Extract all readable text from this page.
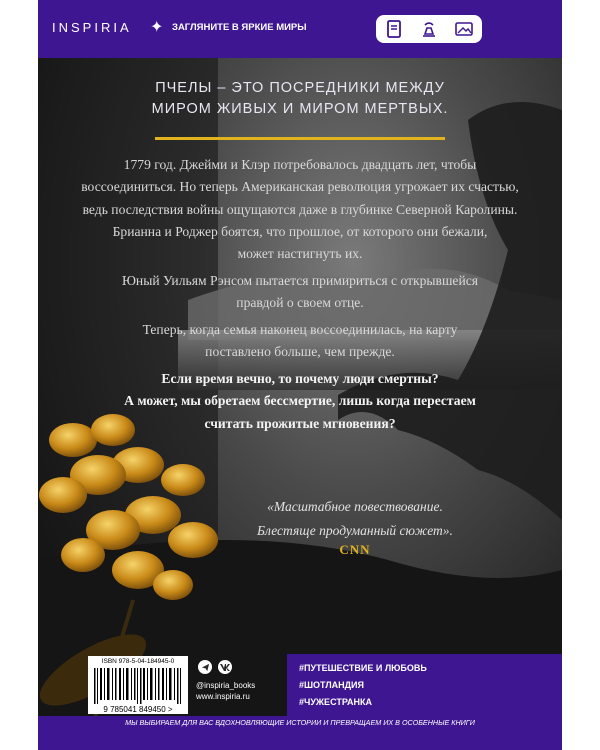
INSPIRIA ✦ ЗАГЛЯНИТЕ В ЯРКИЕ МИРЫ
ПЧЕЛЫ – ЭТО ПОСРЕДНИКИ МЕЖДУ
МИРОМ ЖИВЫХ И МИРОМ МЕРТВЫХ.

1779 год. Джейми и Клэр потребовалось двадцать лет, чтобы
воссоединиться. Но теперь Американская революция угрожает их счастью,
ведь последствия войны ощущаются даже в глубинке Северной Каролины.
Брианна и Роджер боятся, что прошлое, от которого они бежали,
может настигнуть их.

Юный Уильям Рэнсом пытается примириться с открывшейся
правдой о своем отце.

Теперь, когда семья наконец воссоединилась, на карту
поставлено больше, чем прежде.

Если время вечно, то почему люди смертны?
А может, мы обретаем бессмертие, лишь когда перестаем
считать прожитые мгновения?

«Масштабное повествование.
Блестяще продуманный сюжет».
CNN
ISBN 978-5-04-184945-0
9 785041 849450 >
@inspiria_books
www.inspiria.ru
#ПУТЕШЕСТВИЕ И ЛЮБОВЬ
#ШОТЛАНДИЯ
#ЧУЖЕСТРАНКА
МЫ ВЫБИРАЕМ ДЛЯ ВАС ВДОХНОВЛЯЮЩИЕ ИСТОРИИ И ПРЕВРАЩАЕМ ИХ В ОСОБЕННЫЕ КНИГИ
